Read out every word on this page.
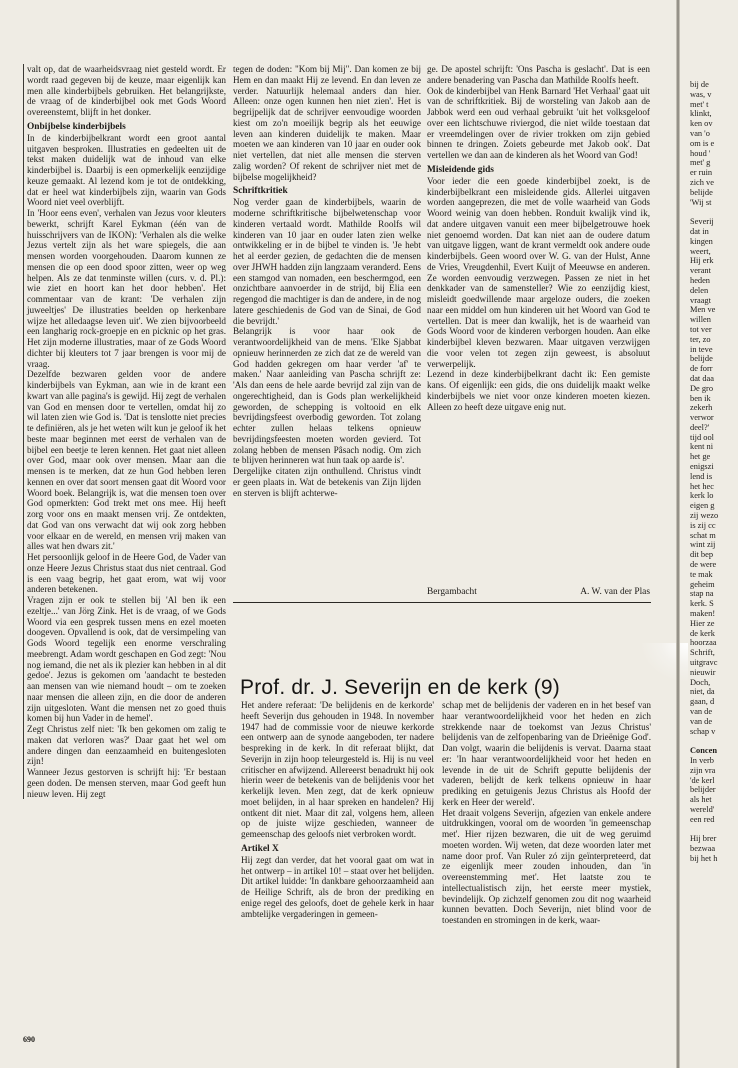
valt op, dat de waarheidsvraag niet gesteld wordt. Er wordt raad gegeven bij de keuze, maar eigenlijk kan men alle kinderbijbels gebruiken. Het belangrijkste, de vraag of de kinderbijbel ook met Gods Woord overeenstemt, blijft in het donker.

Onbijbelse kinderbijbels

In de kinderbijbelkrant wordt een groot aantal uitgaven besproken. Illustraties en gedeelten uit de tekst maken duidelijk wat de inhoud van elke kinderbijbel is. Daarbij is een opmerkelijk eenzijdige keuze gemaakt. Al lezend kom je tot de ontdekking, dat er heel wat kinderbijbels zijn, waarin van Gods Woord niet veel overblijft.

In 'Hoor eens even', verhalen van Jezus voor kleuters bewerkt, schrijft Karel Eykman (één van de huisschrijvers van de IKON): 'Verhalen als die welke Jezus vertelt zijn als het ware spiegels, die aan mensen worden voorgehouden. Daarom kunnen ze mensen die op een dood spoor zitten, weer op weg helpen. Als ze dat tenminste willen (curs. v. d. Pl.): wie ziet en hoort kan het door hebben'. Het commentaar van de krant: 'De verhalen zijn juweeltjes' De illustraties beelden op herkenbare wijze het alledaagse leven uit'. We zien bijvoorbeeld een langharig rock-groepje en en picknic op het gras. Het zijn moderne illustraties, maar of ze Gods Woord dichter bij kleuters tot 7 jaar brengen is voor mij de vraag.

Dezelfde bezwaren gelden voor de andere kinderbijbels van Eykman, aan wie in de krant een kwart van alle pagina's is gewijd. Hij zegt de verhalen van God en mensen door te vertellen, omdat hij zo wil laten zien wie God is. 'Dat is tenslotte niet precies te definiëren, als je het weten wilt kun je geloof ik het beste maar beginnen met eerst de verhalen van de bijbel een beetje te leren kennen. Het gaat niet alleen over God, maar ook over mensen. Maar aan die mensen is te merken, dat ze hun God hebben leren kennen en over dat soort mensen gaat dit Woord voor Woord boek. Belangrijk is, wat die mensen toen over God opmerkten: God trekt met ons mee. Hij heeft zorg voor ons en maakt mensen vrij. Ze ontdekten, dat God van ons verwacht dat wij ook zorg hebben voor elkaar en de wereld, en mensen vrij maken van alles wat hen dwars zit.'

Het persoonlijk geloof in de Heere God, de Vader van onze Heere Jezus Christus staat dus niet centraal. God is een vaag begrip, het gaat erom, wat wij voor anderen betekenen.

Vragen zijn er ook te stellen bij 'Al ben ik een ezeltje...' van Jörg Zink. Het is de vraag, of we Gods Woord via een gesprek tussen mens en ezel moeten doogeven. Opvallend is ook, dat de versimpeling van Gods Woord tegelijk een enorme verschraling meebrengt. Adam wordt geschapen en God zegt: 'Nou nog iemand, die net als ik plezier kan hebben in al dit gedoe'. Jezus is gekomen om 'aandacht te besteden aan mensen van wie niemand houdt – om te zoeken naar mensen die alleen zijn, en die door de anderen zijn uitgesloten. Want die mensen net zo goed thuis komen bij hun Vader in de hemel'.

Zegt Christus zelf niet: 'Ik ben gekomen om zalig te maken dat verloren was?' Daar gaat het wel om andere dingen dan eenzaamheid en buitengesloten zijn!

Wanneer Jezus gestorven is schrijft hij: 'Er bestaan geen doden. De mensen sterven, maar God geeft hun nieuw leven. Hij zegt

tegen de doden: "Kom bij Mij". Dan komen ze bij Hem en dan maakt Hij ze levend. En dan leven ze verder. Natuurlijk helemaal anders dan hier. Alleen: onze ogen kunnen hen niet zien'. Het is begrijpelijk dat de schrijver eenvoudige woorden kiest om zo'n moeilijk begrip als het eeuwige leven aan kinderen duidelijk te maken. Maar moeten we aan kinderen van 10 jaar en ouder ook niet vertellen, dat niet alle mensen die sterven zalig worden? Of rekent de schrijver niet met de bijbelse mogelijkheid?

Schriftkritiek

Nog verder gaan de kinderbijbels, waarin de moderne schriftkritische bijbelwetenschap voor kinderen vertaald wordt. Mathilde Roolfs wil kinderen van 10 jaar en ouder laten zien welke ontwikkeling er in de bijbel te vinden is. 'Je hebt het al eerder gezien, de gedachten die de mensen over JHWH hadden zijn langzaam veranderd. Eens een stamgod van nomaden, een beschermgod, een onzichtbare aanvoerder in de strijd, bij Elia een regengod die machtiger is dan de andere, in de nog latere geschiedenis de God van de Sinai, de God die bevrijdt.'

Belangrijk is voor haar ook de verantwoordelijkheid van de mens. 'Elke Sjabbat opnieuw herinnerden ze zich dat ze de wereld van God hadden gekregen om haar verder 'af' te maken.' Naar aanleiding van Pascha schrijft ze: 'Als dan eens de hele aarde bevrijd zal zijn van de ongerechtigheid, dan is Gods plan werkelijkheid geworden, de schepping is voltooid en elk bevrijdingsfeest overbodig geworden. Tot zolang echter zullen helaas telkens opnieuw bevrijdingsfeesten moeten worden gevierd. Tot zolang hebben de mensen Pâsach nodig. Om zich te blijven herinneren wat hun taak op aarde is'.

Dergelijke citaten zijn onthullend. Christus vindt er geen plaats in. Wat de betekenis van Zijn lijden en sterven is blijft achterwe-

ge. De apostel schrijft: 'Ons Pascha is geslacht'. Dat is een andere benadering van Pascha dan Mathilde Roolfs heeft.

Ook de kinderbijbel van Henk Barnard 'Het Verhaal' gaat uit van de schriftkritiek. Bij de worsteling van Jakob aan de Jabbok werd een oud verhaal gebruikt 'uit het volksgeloof over een lichtschuwe riviergod, die niet wilde toestaan dat er vreemdelingen over de rivier trokken om zijn gebied binnen te dringen. Zoiets gebeurde met Jakob ook'. Dat vertellen we dan aan de kinderen als het Woord van God!

Misleidende gids

Voor ieder die een goede kinderbijbel zoekt, is de kinderbijbelkrant een misleidende gids. Allerlei uitgaven worden aangeprezen, die met de volle waarheid van Gods Woord weinig van doen hebben. Ronduit kwalijk vind ik, dat andere uitgaven vanuit een meer bijbelgetrouwe hoek niet genoemd worden. Dat kan niet aan de oudere datum van uitgave liggen, want de krant vermeldt ook andere oude kinderbijbels. Geen woord over W. G. van der Hulst, Anne de Vries, Vreugdenhil, Evert Kuijt of Meeuwse en anderen. Ze worden eenvoudig verzwegen. Passen ze niet in het denkkader van de samensteller? Wie zo eenzijdig kiest, misleidt goedwillende maar argeloze ouders, die zoeken naar een middel om hun kinderen uit het Woord van God te vertellen. Dat is meer dan kwalijk, het is de waarheid van Gods Woord voor de kinderen verborgen houden. Aan elke kinderbijbel kleven bezwaren. Maar uitgaven verzwijgen die voor velen tot zegen zijn geweest, is absoluut verwerpelijk.

Lezend in deze kinderbijbelkrant dacht ik: Een gemiste kans. Of eigenlijk: een gids, die ons duidelijk maakt welke kinderbijbels we niet voor onze kinderen moeten kiezen. Alleen zo heeft deze uitgave enig nut.

Bergambacht	A. W. van der Plas
Prof. dr. J. Severijn en de kerk (9)

Het andere referaat: 'De belijdenis en de kerkorde' heeft Severijn dus gehouden in 1948. In november 1947 had de commissie voor de nieuwe kerkorde een ontwerp aan de synode aangeboden, ter nadere bespreking in de kerk. In dit referaat blijkt, dat Severijn in zijn hoop teleurgesteld is. Hij is nu veel critischer en afwijzend. Allereerst benadrukt hij ook hierin weer de betekenis van de belijdenis voor het kerkelijk leven. Men zegt, dat de kerk opnieuw moet belijden, in al haar spreken en handelen? Hij ontkent dit niet. Maar dit zal, volgens hem, alleen op de juiste wijze geschieden, wanneer de gemeenschap des geloofs niet verbroken wordt.

Artikel X

Hij zegt dan verder, dat het vooral gaat om wat in het ontwerp – in artikel 10! – staat over het belijden. Dit artikel luidde: 'In dankbare gehoorzaamheid aan de Heilige Schrift, als de bron der prediking en enige regel des geloofs, doet de gehele kerk in haar ambtelijke vergaderingen in gemeen-

schap met de belijdenis der vaderen en in het besef van haar verantwoordelijkheid voor het heden en zich strekkende naar de toekomst van Jezus Christus' belijdenis van de zelfopenbaring van de Drieënige God'. Dan volgt, waarin die belijdenis is vervat. Daarna staat er: 'In haar verantwoordelijkheid voor het heden en levende in de uit de Schrift geputte belijdenis der vaderen, belijdt de kerk telkens opnieuw in haar prediking en getuigenis Jezus Christus als Hoofd der kerk en Heer der wereld'.

Het draait volgens Severijn, afgezien van enkele andere uitdrukkingen, vooral om de woorden 'in gemeenschap met'. Hier rijzen bezwaren, die uit de weg geruimd moeten worden. Wij weten, dat deze woorden later met name door prof. Van Ruler zó zijn geïnterpreteerd, dat ze eigenlijk meer zouden inhouden, dan 'in overeenstemming met'. Het laatste zou te intellectualistisch zijn, het eerste meer mystiek, bevindelijk. Op zichzelf genomen zou dit nog waarheid kunnen bevatten. Doch Severijn, niet blind voor de toestanden en stromingen in de kerk, waar-

690
bij de
was, v
met' t
klinkt,
ken ov
van 'o
om is e
houd '
met' g
er ruin
zich ve
belijde
'Wij st

Severij
dat in
kingen
weert,
Hij erk
verant
heden
delen
vraagt
Men ve
willen
tot ver
ter, zo
in teve
belijde
de forr
dat daa
De gro
ben ik
zekerh
verwor
deel?'
tijd ool
kent ni
het ge
enigszi
lend is
het hec
kerk lo
eigen g
zij wezo
is zij cc
schat m
wint zij
dit bep
de were
te mak
geheim
stap na
kerk. S
maken!
Hier ze
de kerk
hoorzaa
Schrift,
uitgravc
nieuwir
Doch,
niet, da
gaan, d
van de
van de
schap v

Concen
In verb
zijn vra
'de kerl
belijder
als het
wereld'
een red

Hij brer
bezwaa
bij het h
